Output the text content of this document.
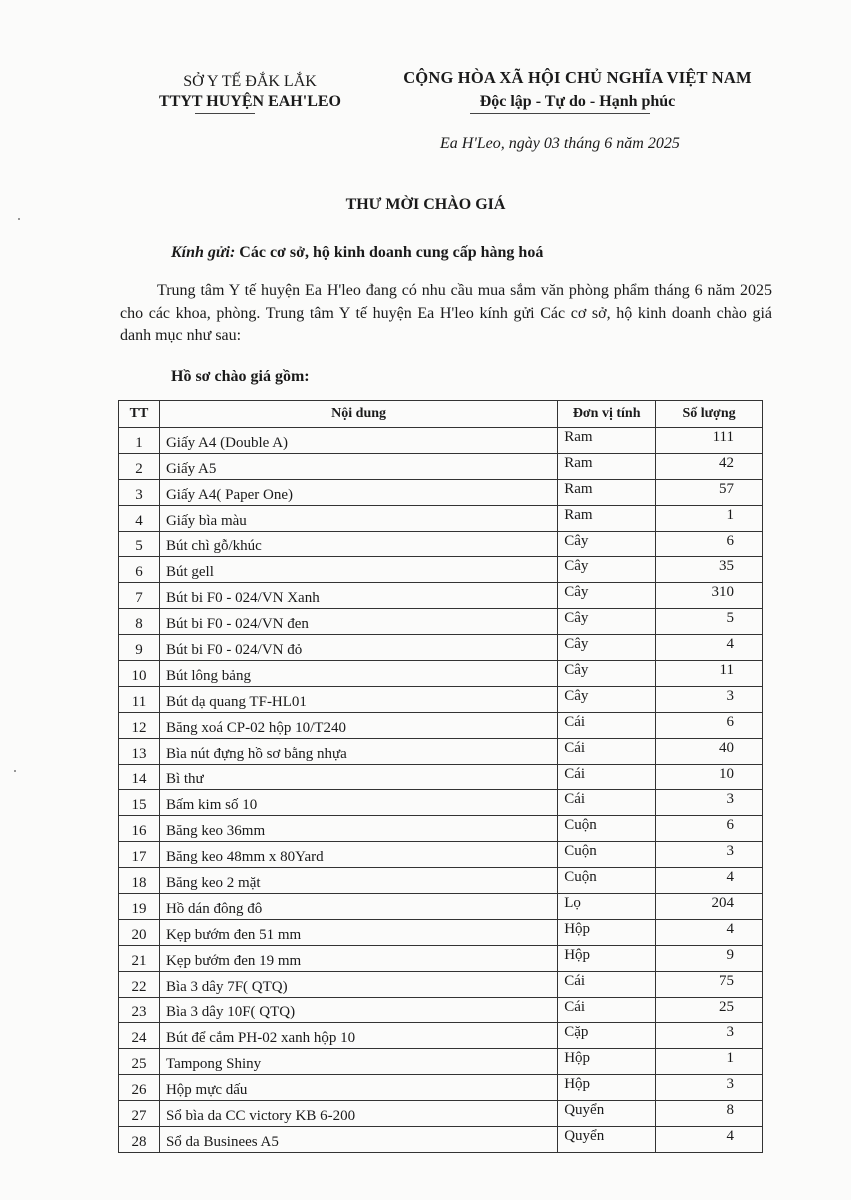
SỞ Y TẾ ĐẮK LẮK
TTYT HUYỆN EAH'LEO
CỘNG HÒA XÃ HỘI CHỦ NGHĨA VIỆT NAM
Độc lập - Tự do - Hạnh phúc
Ea H'Leo, ngày 03 tháng 6 năm 2025
THƯ MỜI CHÀO GIÁ
Kính gửi: Các cơ sở, hộ kinh doanh cung cấp hàng hoá
Trung tâm Y tế huyện Ea H'leo đang có nhu cầu mua sắm văn phòng phẩm tháng 6 năm 2025 cho các khoa, phòng. Trung tâm Y tế huyện Ea H'leo kính gửi Các cơ sở, hộ kinh doanh chào giá danh mục như sau:
Hồ sơ chào giá gồm:
TT	Nội dung	Đơn vị tính	Số lượng
1	Giấy A4 (Double A)	Ram	111
2	Giấy A5	Ram	42
3	Giấy A4( Paper One)	Ram	57
4	Giấy bìa màu	Ram	1
5	Bút chì gỗ/khúc	Cây	6
6	Bút gell	Cây	35
7	Bút bi F0 - 024/VN Xanh	Cây	310
8	Bút bi F0 - 024/VN đen	Cây	5
9	Bút bi F0 - 024/VN đỏ	Cây	4
10	Bút lông bảng	Cây	11
11	Bút dạ quang TF-HL01	Cây	3
12	Băng xoá CP-02 hộp 10/T240	Cái	6
13	Bìa nút đựng hồ sơ bằng nhựa	Cái	40
14	Bì thư	Cái	10
15	Bấm kim số 10	Cái	3
16	Băng keo 36mm	Cuộn	6
17	Băng keo 48mm x 80Yard	Cuộn	3
18	Băng keo 2 mặt	Cuộn	4
19	Hồ dán đông đô	Lọ	204
20	Kẹp bướm đen 51 mm	Hộp	4
21	Kẹp bướm đen 19 mm	Hộp	9
22	Bìa 3 dây 7F( QTQ)	Cái	75
23	Bìa 3 dây 10F( QTQ)	Cái	25
24	Bút để cắm PH-02 xanh hộp 10	Cặp	3
25	Tampong Shiny	Hộp	1
26	Hộp mực dấu	Hộp	3
27	Sổ bìa da CC victory KB 6-200	Quyển	8
28	Sổ da Businees A5	Quyển	4
